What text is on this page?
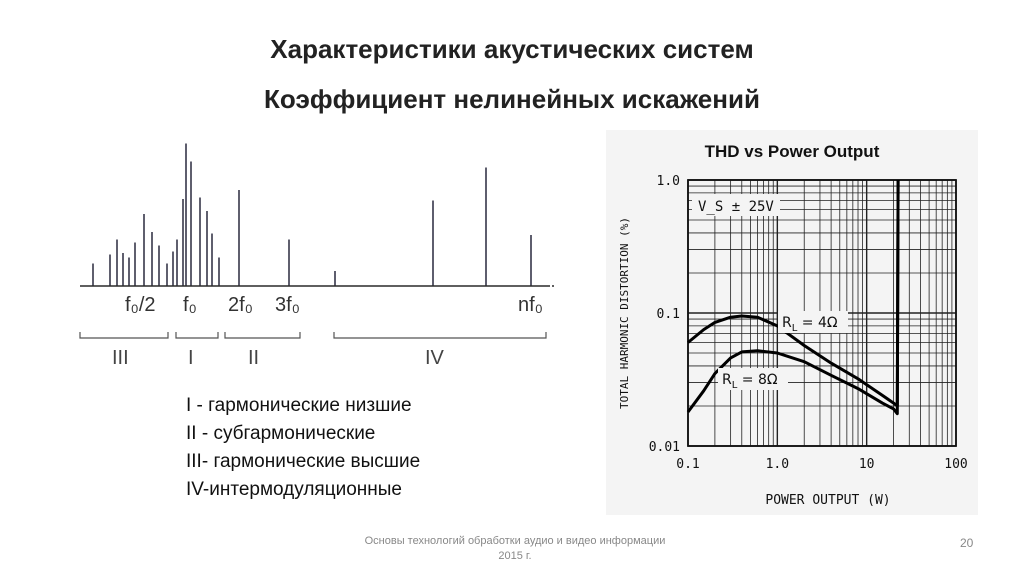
Характеристики акустических систем
Коэффициент нелинейных искажений
f₀/2 f₀ 2f₀ 3f₀	nf₀
III	I	II	IV
I - гармонические низшие
II - субгармонические
III- гармонические высшие
IV-интермодуляционные
THD vs Power Output
0.1	1.0	10	100
1.0
0.1
0.01
TOTAL HARMONIC DISTORTION (%)
POWER OUTPUT (W)
V_S ± 25V
$R_L = 4\Omega$
$R_L = 8\Omega$
Основы технологий обработки аудио и видео информации
2015 г.
20
